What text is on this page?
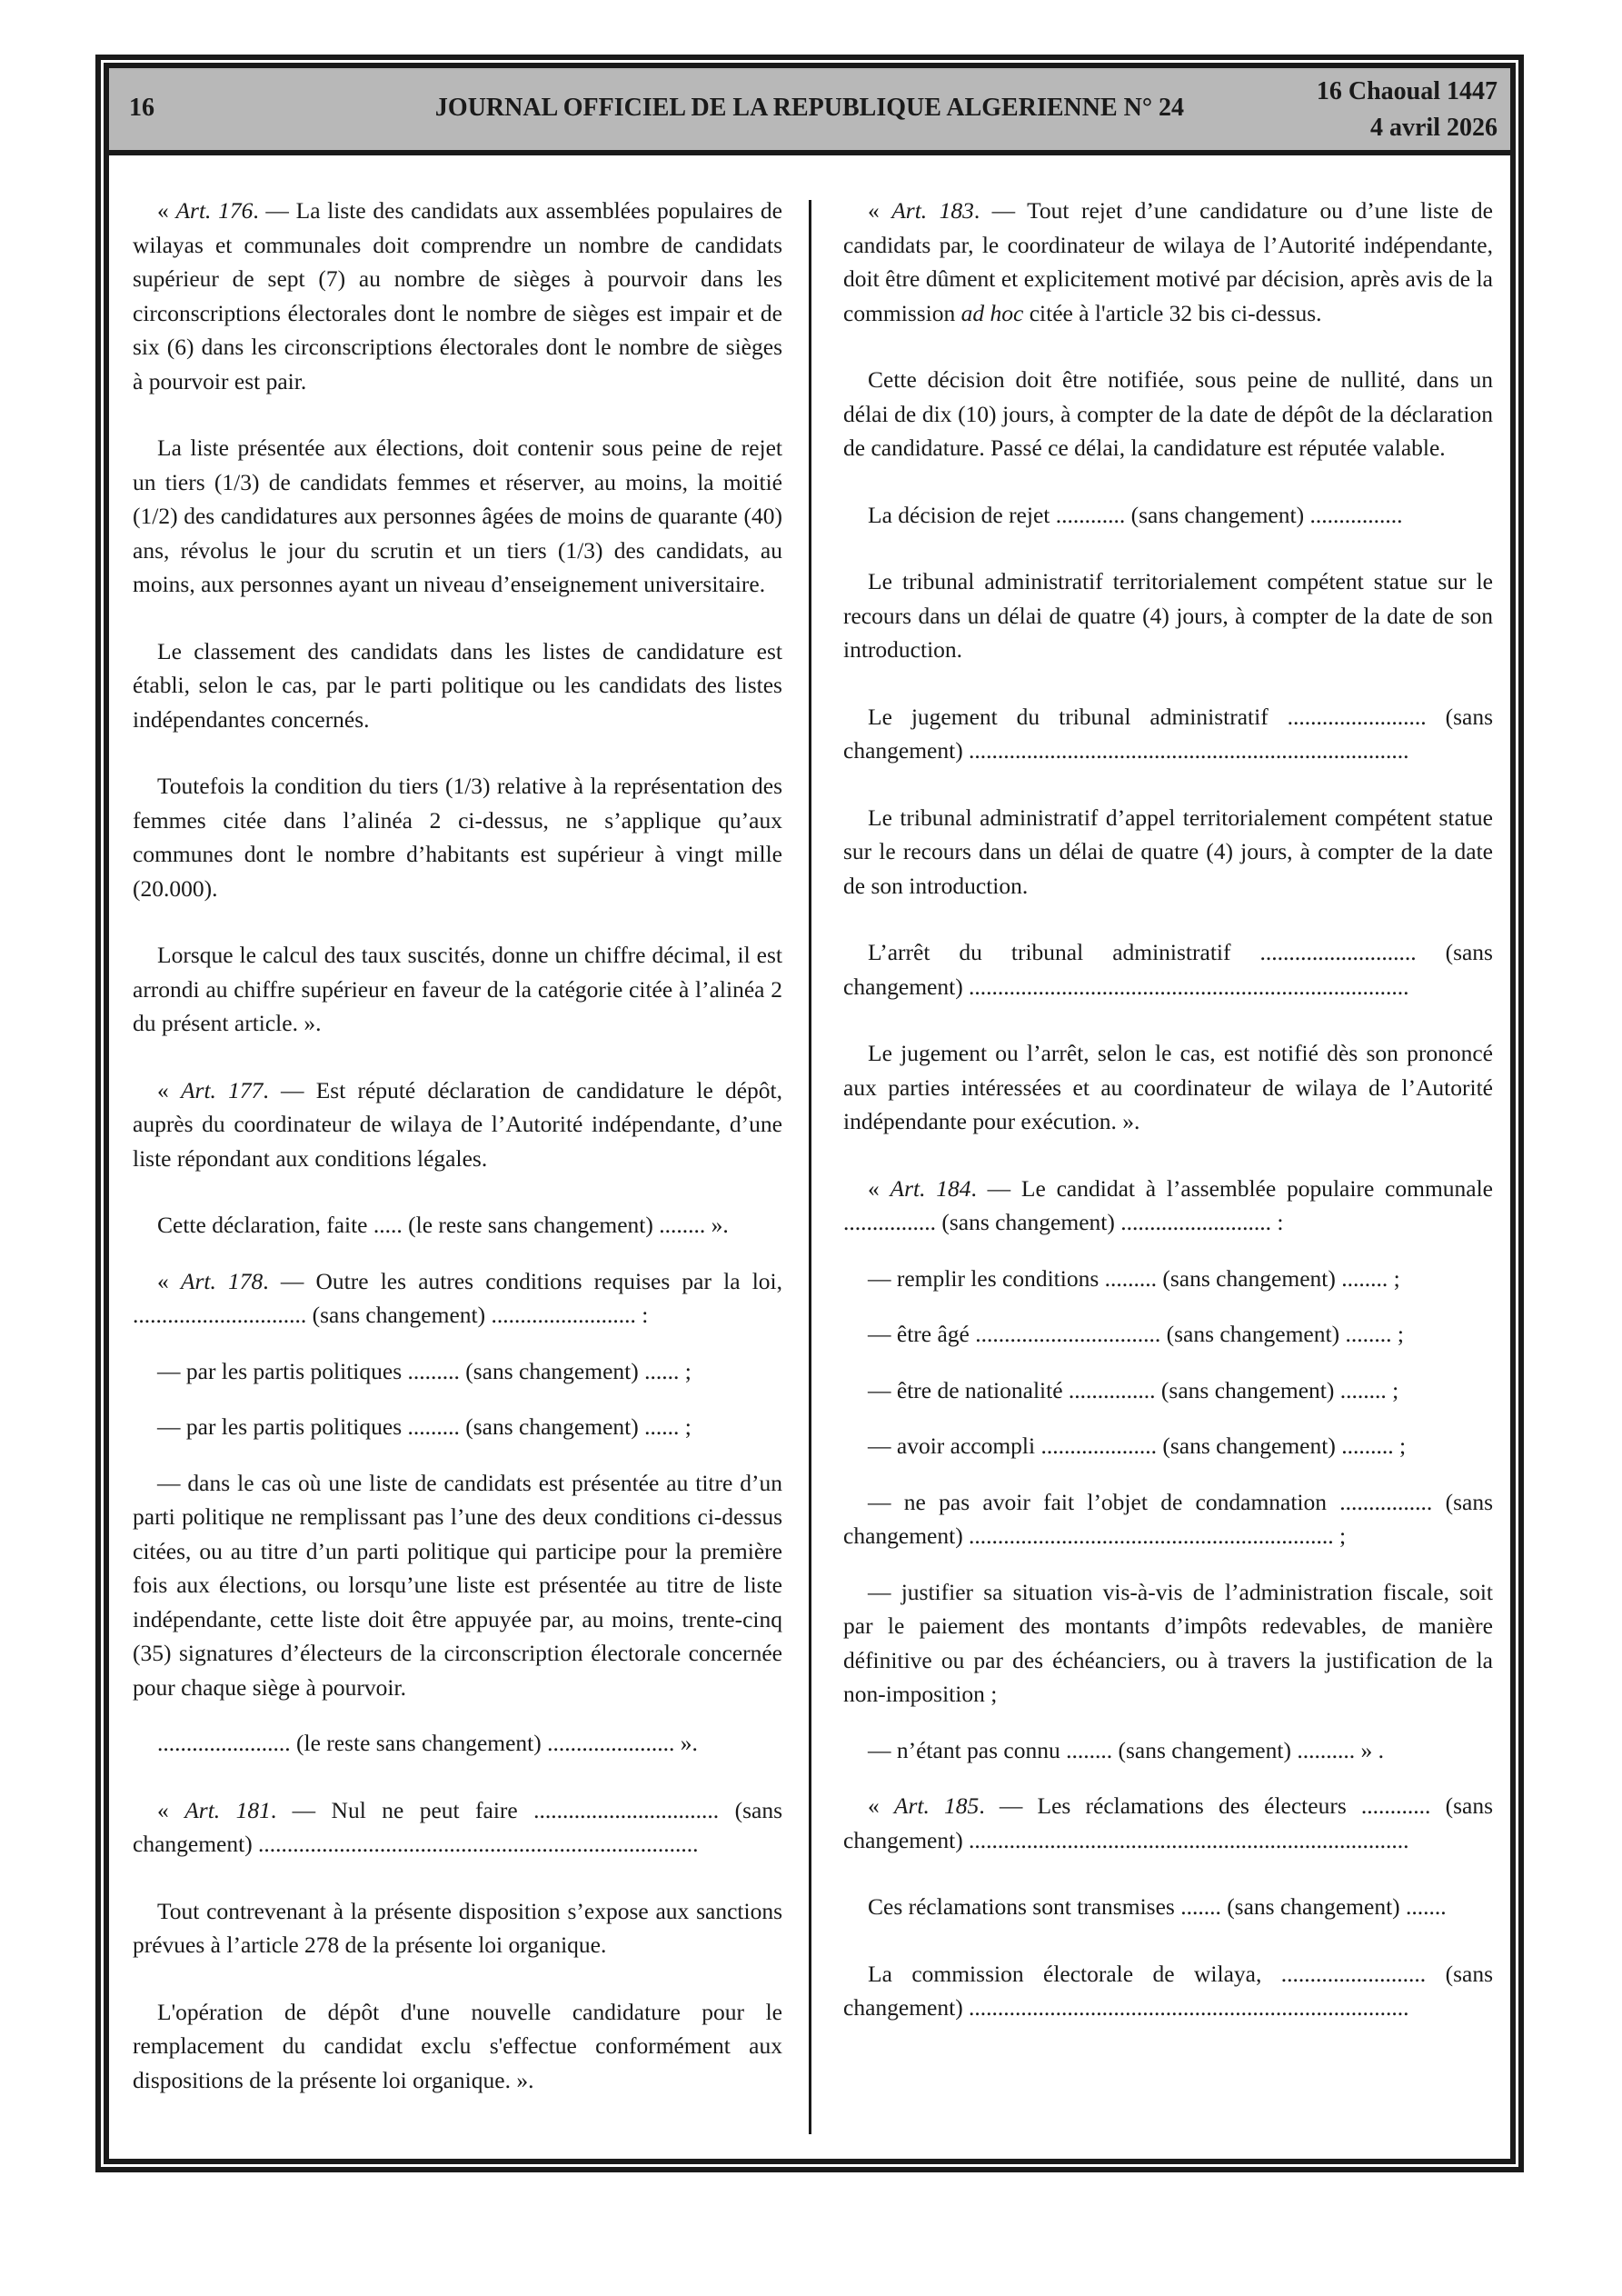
16	JOURNAL OFFICIEL DE LA REPUBLIQUE ALGERIENNE N° 24
16 Chaoual 1447
4 avril 2026

« Art. 176. — La liste des candidats aux assemblées populaires de wilayas et communales doit comprendre un nombre de candidats supérieur de sept (7) au nombre de sièges à pourvoir dans les circonscriptions électorales dont le nombre de sièges est impair et de six (6) dans les circonscriptions électorales dont le nombre de sièges à pourvoir est pair.

La liste présentée aux élections, doit contenir sous peine de rejet un tiers (1/3) de candidats femmes et réserver, au moins, la moitié (1/2) des candidatures aux personnes âgées de moins de quarante (40) ans, révolus le jour du scrutin et un tiers (1/3) des candidats, au moins, aux personnes ayant un niveau d’enseignement universitaire.

Le classement des candidats dans les listes de candidature est établi, selon le cas, par le parti politique ou les candidats des listes indépendantes concernés.

Toutefois la condition du tiers (1/3) relative à la représentation des femmes citée dans l’alinéa 2 ci-dessus, ne s’applique qu’aux communes dont le nombre d’habitants est supérieur à vingt mille (20.000).

Lorsque le calcul des taux suscités, donne un chiffre décimal, il est arrondi au chiffre supérieur en faveur de la catégorie citée à l’alinéa 2 du présent article. ».

« Art. 177. — Est réputé déclaration de candidature le dépôt, auprès du coordinateur de wilaya de l’Autorité indépendante, d’une liste répondant aux conditions légales.

Cette déclaration, faite ..... (le reste sans changement) ........ ».

« Art. 178. — Outre les autres conditions requises par la loi, .............................. (sans changement) ......................... :

— par les partis politiques ......... (sans changement) ...... ;

— par les partis politiques ......... (sans changement) ...... ;

— dans le cas où une liste de candidats est présentée au titre d’un parti politique ne remplissant pas l’une des deux conditions ci-dessus citées, ou au titre d’un parti politique qui participe pour la première fois aux élections, ou lorsqu’une liste est présentée au titre de liste indépendante, cette liste doit être appuyée par, au moins, trente-cinq (35) signatures d’électeurs de la circonscription électorale concernée pour chaque siège à pourvoir.

....................... (le reste sans changement) ...................... ».

« Art. 181. — Nul ne peut faire ................................ (sans changement) ............................................................................

Tout contrevenant à la présente disposition s’expose aux sanctions prévues à l’article 278 de la présente loi organique.

L'opération de dépôt d'une nouvelle candidature pour le remplacement du candidat exclu s'effectue conformément aux dispositions de la présente loi organique. ».

« Art. 183. — Tout rejet d’une candidature ou d’une liste de candidats par, le coordinateur de wilaya de l’Autorité indépendante, doit être dûment et explicitement motivé par décision, après avis de la commission ad hoc citée à l'article 32 bis ci-dessus.

Cette décision doit être notifiée, sous peine de nullité, dans un délai de dix (10) jours, à compter de la date de dépôt de la déclaration de candidature. Passé ce délai, la candidature est réputée valable.

La décision de rejet ............ (sans changement) ................

Le tribunal administratif territorialement compétent statue sur le recours dans un délai de quatre (4) jours, à compter de la date de son introduction.

Le jugement du tribunal administratif ........................ (sans changement) ............................................................................

Le tribunal administratif d’appel territorialement compétent statue sur le recours dans un délai de quatre (4) jours, à compter de la date de son introduction.

L’arrêt du tribunal administratif ........................... (sans changement) ............................................................................

Le jugement ou l’arrêt, selon le cas, est notifié dès son prononcé aux parties intéressées et au coordinateur de wilaya de l’Autorité indépendante pour exécution. ».

« Art. 184. — Le candidat à l’assemblée populaire communale ................ (sans changement) .......................... :

— remplir les conditions ......... (sans changement) ........ ;

— être âgé ................................ (sans changement) ........ ;

— être de nationalité ............... (sans changement) ........ ;

— avoir accompli .................... (sans changement) ......... ;

— ne pas avoir fait l’objet de condamnation ................ (sans changement) ............................................................... ;

— justifier sa situation vis-à-vis de l’administration fiscale, soit par le paiement des montants d’impôts redevables, de manière définitive ou par des échéanciers, ou à travers la justification de la non-imposition ;

— n’étant pas connu ........ (sans changement) .......... » .

« Art. 185. — Les réclamations des électeurs ............ (sans changement) ............................................................................

Ces réclamations sont transmises ....... (sans changement) .......

La commission électorale de wilaya, ......................... (sans changement) ............................................................................
